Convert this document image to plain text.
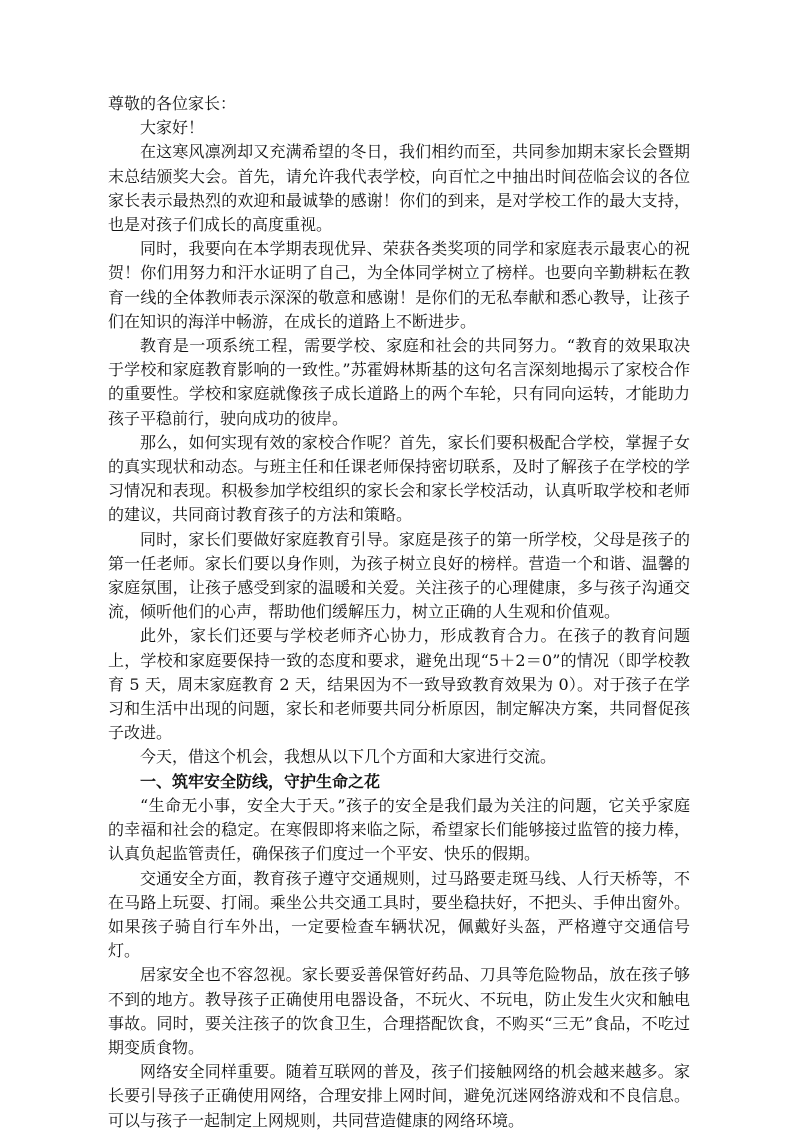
尊敬的各位家长：

大家好！

在这寒风凛冽却又充满希望的冬日，我们相约而至，共同参加期末家长会暨期末总结颁奖大会。首先，请允许我代表学校，向百忙之中抽出时间莅临会议的各位家长表示最热烈的欢迎和最诚挚的感谢！你们的到来，是对学校工作的最大支持，也是对孩子们成长的高度重视。

同时，我要向在本学期表现优异、荣获各类奖项的同学和家庭表示最衷心的祝贺！你们用努力和汗水证明了自己，为全体同学树立了榜样。也要向辛勤耕耘在教育一线的全体教师表示深深的敬意和感谢！是你们的无私奉献和悉心教导，让孩子们在知识的海洋中畅游，在成长的道路上不断进步。

教育是一项系统工程，需要学校、家庭和社会的共同努力。“教育的效果取决于学校和家庭教育影响的一致性。”苏霍姆林斯基的这句名言深刻地揭示了家校合作的重要性。学校和家庭就像孩子成长道路上的两个车轮，只有同向运转，才能助力孩子平稳前行，驶向成功的彼岸。

那么，如何实现有效的家校合作呢？首先，家长们要积极配合学校，掌握子女的真实现状和动态。与班主任和任课老师保持密切联系，及时了解孩子在学校的学习情况和表现。积极参加学校组织的家长会和家长学校活动，认真听取学校和老师的建议，共同商讨教育孩子的方法和策略。

同时，家长们要做好家庭教育引导。家庭是孩子的第一所学校，父母是孩子的第一任老师。家长们要以身作则，为孩子树立良好的榜样。营造一个和谐、温馨的家庭氛围，让孩子感受到家的温暖和关爱。关注孩子的心理健康，多与孩子沟通交流，倾听他们的心声，帮助他们缓解压力，树立正确的人生观和价值观。

此外，家长们还要与学校老师齐心协力，形成教育合力。在孩子的教育问题上，学校和家庭要保持一致的态度和要求，避免出现“5＋2＝0”的情况（即学校教育 5 天，周末家庭教育 2 天，结果因为不一致导致教育效果为 0）。对于孩子在学习和生活中出现的问题，家长和老师要共同分析原因，制定解决方案，共同督促孩子改进。

今天，借这个机会，我想从以下几个方面和大家进行交流。

一、筑牢安全防线，守护生命之花

“生命无小事，安全大于天。”孩子的安全是我们最为关注的问题，它关乎家庭的幸福和社会的稳定。在寒假即将来临之际，希望家长们能够接过监管的接力棒，认真负起监管责任，确保孩子们度过一个平安、快乐的假期。

交通安全方面，教育孩子遵守交通规则，过马路要走斑马线、人行天桥等，不在马路上玩耍、打闹。乘坐公共交通工具时，要坐稳扶好，不把头、手伸出窗外。如果孩子骑自行车外出，一定要检查车辆状况，佩戴好头盔，严格遵守交通信号灯。

居家安全也不容忽视。家长要妥善保管好药品、刀具等危险物品，放在孩子够不到的地方。教导孩子正确使用电器设备，不玩火、不玩电，防止发生火灾和触电事故。同时，要关注孩子的饮食卫生，合理搭配饮食，不购买“三无”食品，不吃过期变质食物。

网络安全同样重要。随着互联网的普及，孩子们接触网络的机会越来越多。家长要引导孩子正确使用网络，合理安排上网时间，避免沉迷网络游戏和不良信息。可以与孩子一起制定上网规则，共同营造健康的网络环境。
